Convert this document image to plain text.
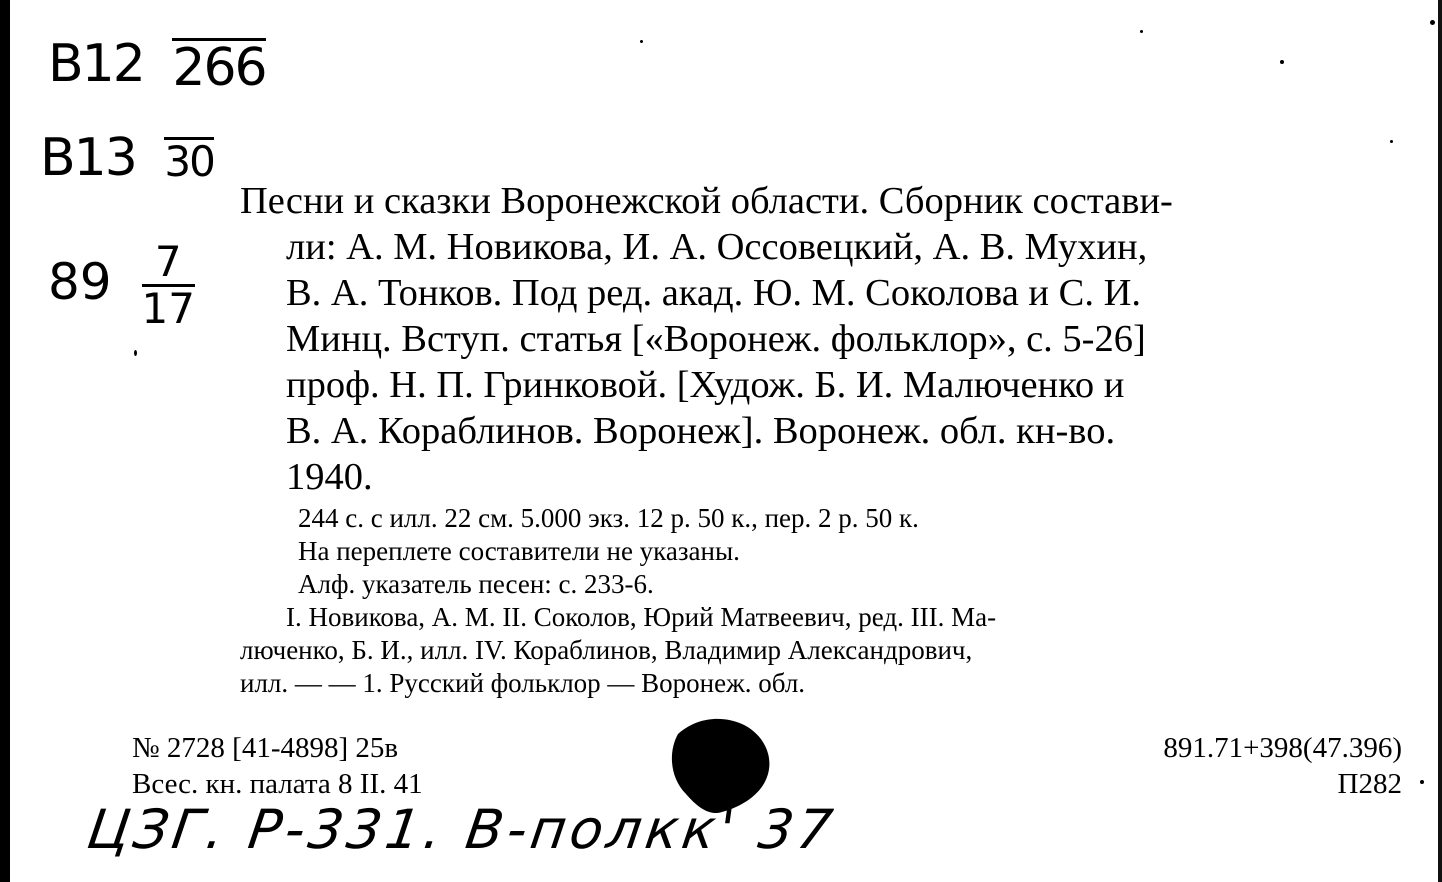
B12 266
B13 30
$89 \frac{7}{17}$
Песни и сказки Воронежской области. Сборник состави-
ли: А. М. Новикова, И. А. Оссовецкий, А. В. Мухин,
В. А. Тонков. Под ред. акад. Ю. М. Соколова и С. И.
Минц. Вступ. статья [«Воронеж. фольклор», с. 5-26]
проф. Н. П. Гринковой. [Худож. Б. И. Малюченко и
В. А. Кораблинов. Воронеж]. Воронеж. обл. кн-во.
1940.
244 с. с илл. 22 см. 5.000 экз. 12 р. 50 к., пер. 2 р. 50 к.
На переплете составители не указаны.
Алф. указатель песен: с. 233-6.
I. Новикова, А. М. II. Соколов, Юрий Матвеевич, ред. III. Ма-
люченко, Б. И., илл. IV. Кораблинов, Владимир Александрович,
илл. — — 1. Русский фольклор — Воронеж. обл.
№ 2728 [41-4898] 25в
Всес. кн. палата 8 II. 41
891.71+398(47.396)
П282
ЦЗГ. Р-331. В-полкк' 37
